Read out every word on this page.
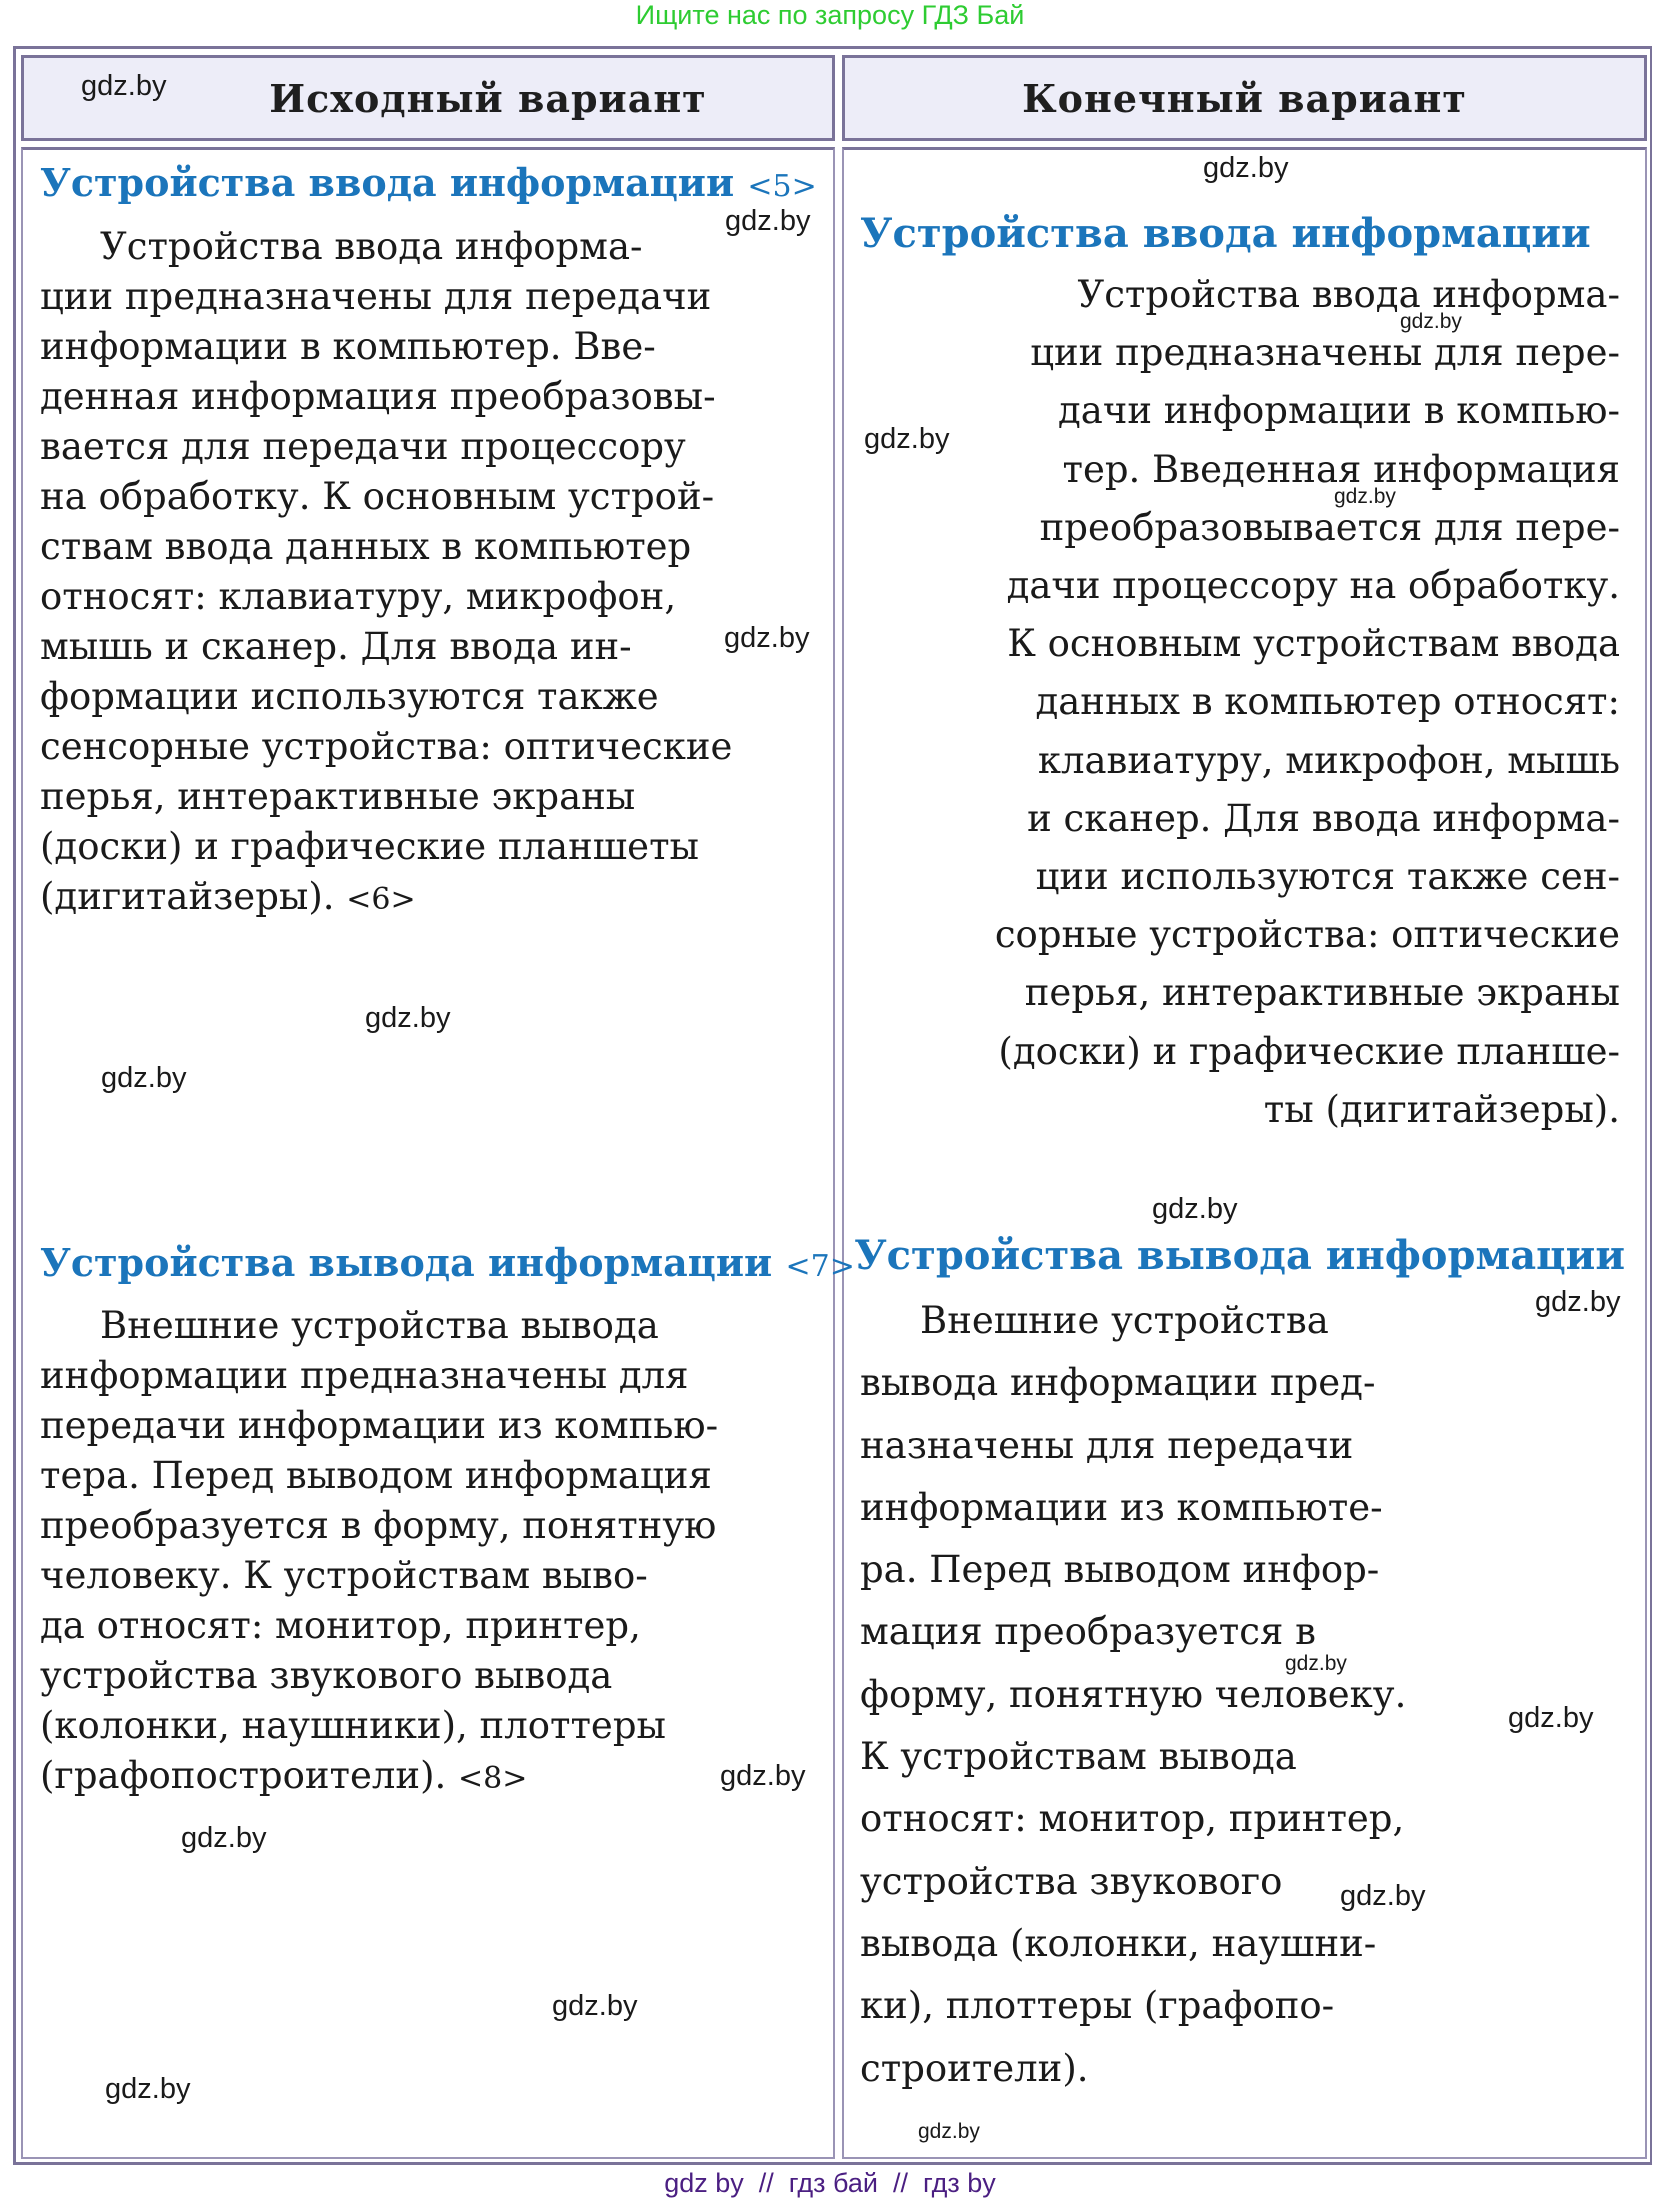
Ищите нас по запросу ГДЗ Бай
Исходный вариант	Конечный вариант
gdz.by
Устройства ввода информации <5>
gdz.by
Устройства ввода информа-
ции предназначены для передачи
информации в компьютер. Вве-
денная информация преобразовы-
вается для передачи процессору
на обработку. К основным устрой-
ствам ввода данных в компьютер
относят: клавиатуру, микрофон,
мышь и сканер. Для ввода ин-
формации используются также
сенсорные устройства: оптические
перья, интерактивные экраны
(доски) и графические планшеты
(дигитайзеры). <6>
gdz.by
gdz.by
gdz.by
Устройства вывода информации <7>
Внешние устройства вывода
информации предназначены для
передачи информации из компью-
тера. Перед выводом информация
преобразуется в форму, понятную
человеку. К устройствам выво-
да относят: монитор, принтер,
устройства звукового вывода
(колонки, наушники), плоттеры
(графопостроители). <8>	gdz.by
gdz.by
gdz.by
gdz.by
gdz.by
Устройства ввода информации
Устройства ввода информа-
ции предназначены для пере-
дачи информации в компью-
тер. Введенная информация
преобразовывается для пере-
дачи процессору на обработку.
К основным устройствам ввода
данных в компьютер относят:
клавиатуру, микрофон, мышь
и сканер. Для ввода информа-
ции используются также сен-
сорные устройства: оптические
перья, интерактивные экраны
(доски) и графические планше-
ты (дигитайзеры).
gdz.by
gdz.by
gdz.by
gdz.by
Устройства вывода информации
gdz.by
Внешние устройства
вывода информации пред-
назначены для передачи
информации из компьюте-
ра. Перед выводом инфор-
мация преобразуется в
форму, понятную человеку.
К устройствам вывода
относят: монитор, принтер,
устройства звукового
вывода (колонки, наушни-
ки), плоттеры (графопо-
строители).
gdz.by
gdz.by
gdz.by
gdz.by
gdz by  //  гдз бай  //  гдз by
